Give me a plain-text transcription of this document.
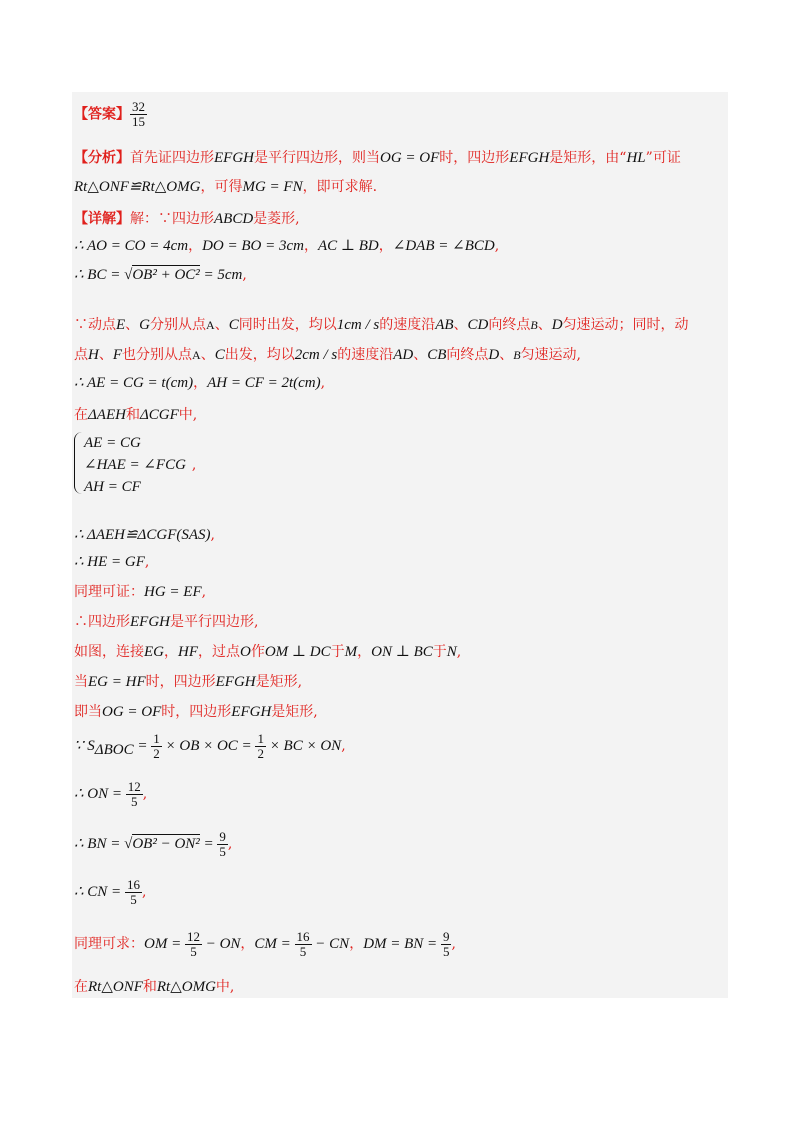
【答案】 $\frac{32}{15}$
【分析】首先证四边形EFGH是平行四边形，则当OG = OF时，四边形EFGH是矩形，由“HL”可证
Rt△ONF≌Rt△OMG，可得MG = FN，即可求解.
【详解】解：∵四边形ABCD是菱形,
∴ AO = CO = 4cm，DO = BO = 3cm，AC ⊥ BD，∠DAB = ∠BCD,
∴ BC = √OB² + OC² = 5cm,
∵动点E、G分别从点A、C同时出发，均以1cm / s的速度沿AB、CD向终点B、D匀速运动；同时，动
点H、F也分别从点A、C出发，均以2cm / s的速度沿AD、CB向终点D、B匀速运动,
∴ AE = CG = t(cm)，AH = CF = 2t(cm),
在ΔAEH和ΔCGF中,
AE = CG
∠HAE = ∠FCG ,
AH = CF
∴ ΔAEH≌ΔCGF(SAS),
∴ HE = GF,
同理可证：HG = EF,
∴四边形EFGH是平行四边形,
如图，连接EG，HF，过点O作OM ⊥ DC于M，ON ⊥ BC于N,
当EG = HF时，四边形EFGH是矩形,
即当OG = OF时，四边形EFGH是矩形,
∵ $S_{\Delta BOC} = \frac{1}{2}$ × OB × OC = $\frac{1}{2}$ × BC × ON,
∴ ON = $\frac{12}{5}$ ,
∴ BN = $√OB^2 - ON^2 = \frac{9}{5}$ ,
∴ CN = $\frac{16}{5}$ ,
同理可求：OM = $\frac{12}{5}$ − ON，CM = $\frac{16}{5}$ − CN，DM = BN = $\frac{9}{5}$ ,
在Rt△ONF和Rt△OMG中,
